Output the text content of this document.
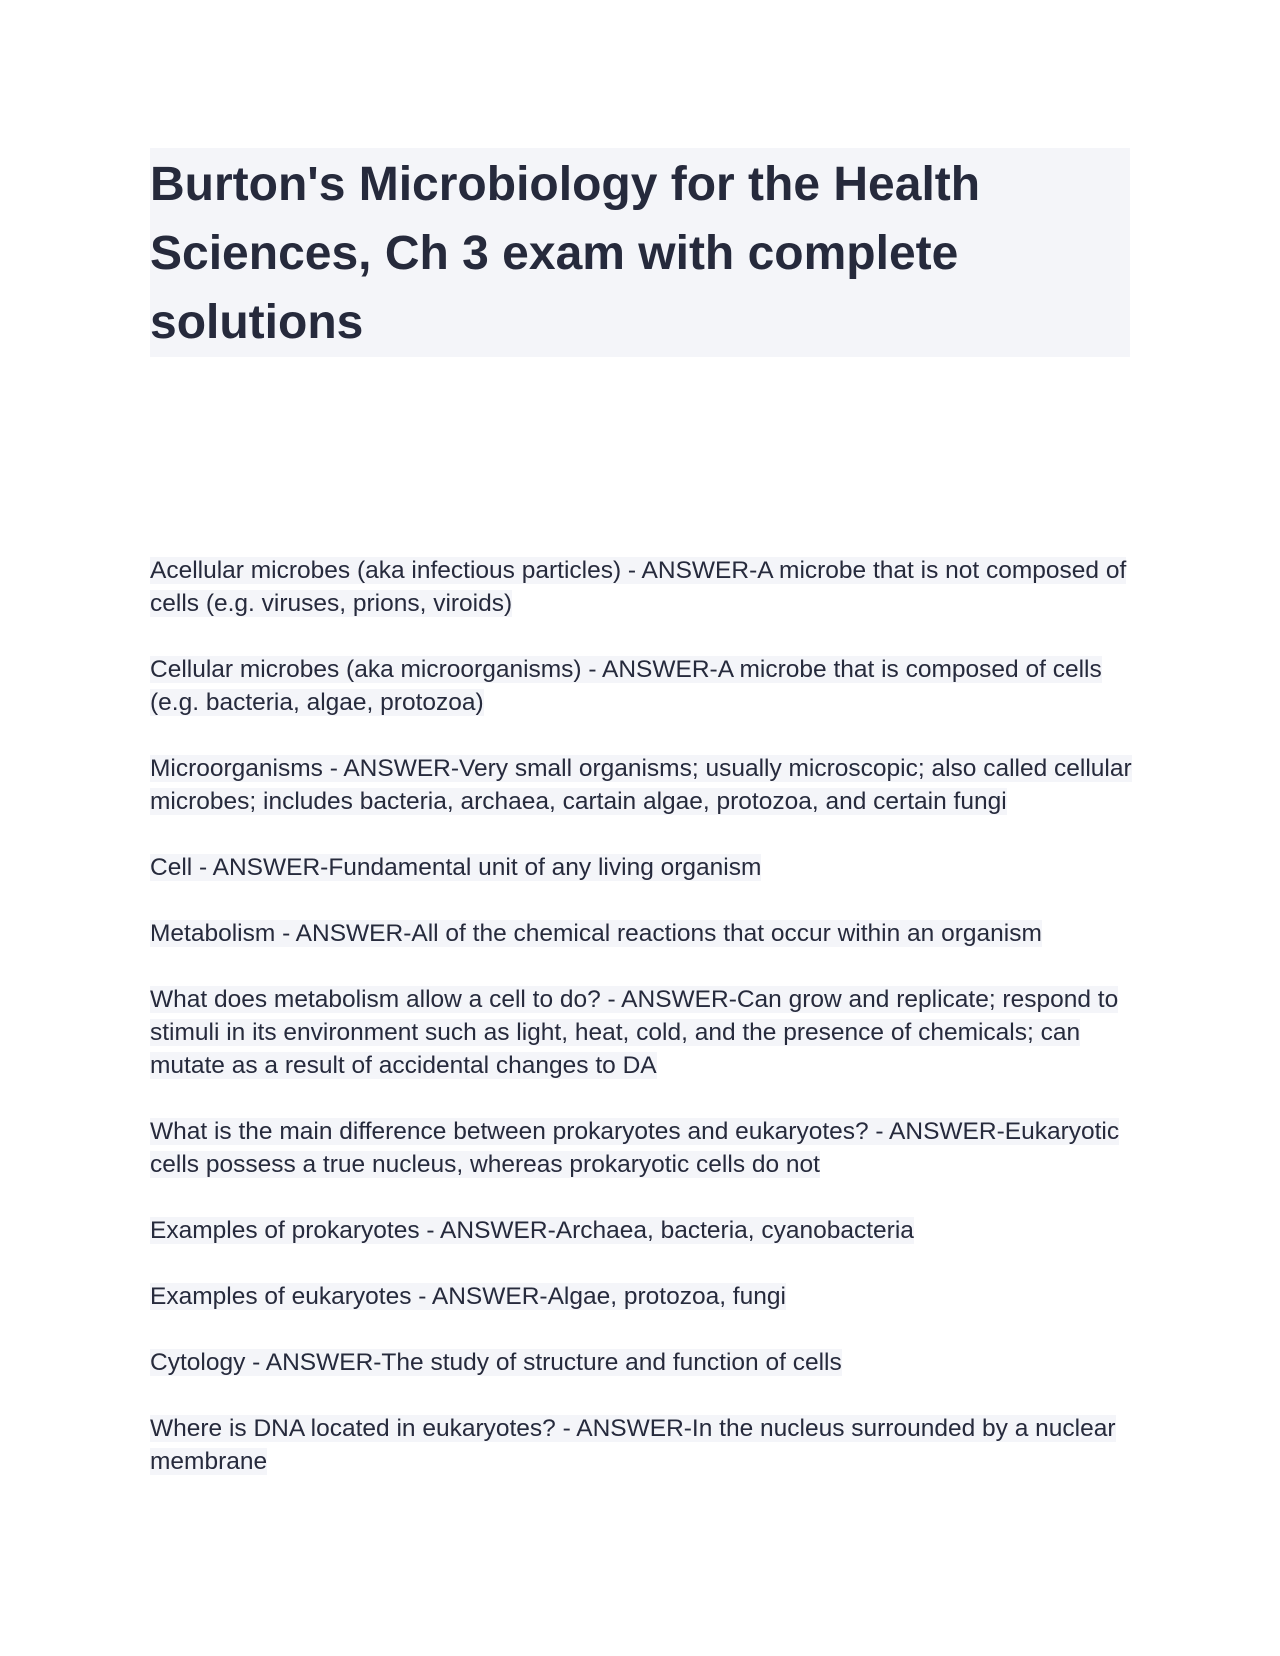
Burton's Microbiology for the Health Sciences, Ch 3 exam with complete solutions

Acellular microbes (aka infectious particles) - ANSWER-A microbe that is not composed of cells (e.g. viruses, prions, viroids)

Cellular microbes (aka microorganisms) - ANSWER-A microbe that is composed of cells (e.g. bacteria, algae, protozoa)

Microorganisms - ANSWER-Very small organisms; usually microscopic; also called cellular microbes; includes bacteria, archaea, cartain algae, protozoa, and certain fungi

Cell - ANSWER-Fundamental unit of any living organism

Metabolism - ANSWER-All of the chemical reactions that occur within an organism

What does metabolism allow a cell to do? - ANSWER-Can grow and replicate; respond to stimuli in its environment such as light, heat, cold, and the presence of chemicals; can mutate as a result of accidental changes to DA

What is the main difference between prokaryotes and eukaryotes? - ANSWER-Eukaryotic cells possess a true nucleus, whereas prokaryotic cells do not

Examples of prokaryotes - ANSWER-Archaea, bacteria, cyanobacteria

Examples of eukaryotes - ANSWER-Algae, protozoa, fungi

Cytology - ANSWER-The study of structure and function of cells

Where is DNA located in eukaryotes? - ANSWER-In the nucleus surrounded by a nuclear membrane
